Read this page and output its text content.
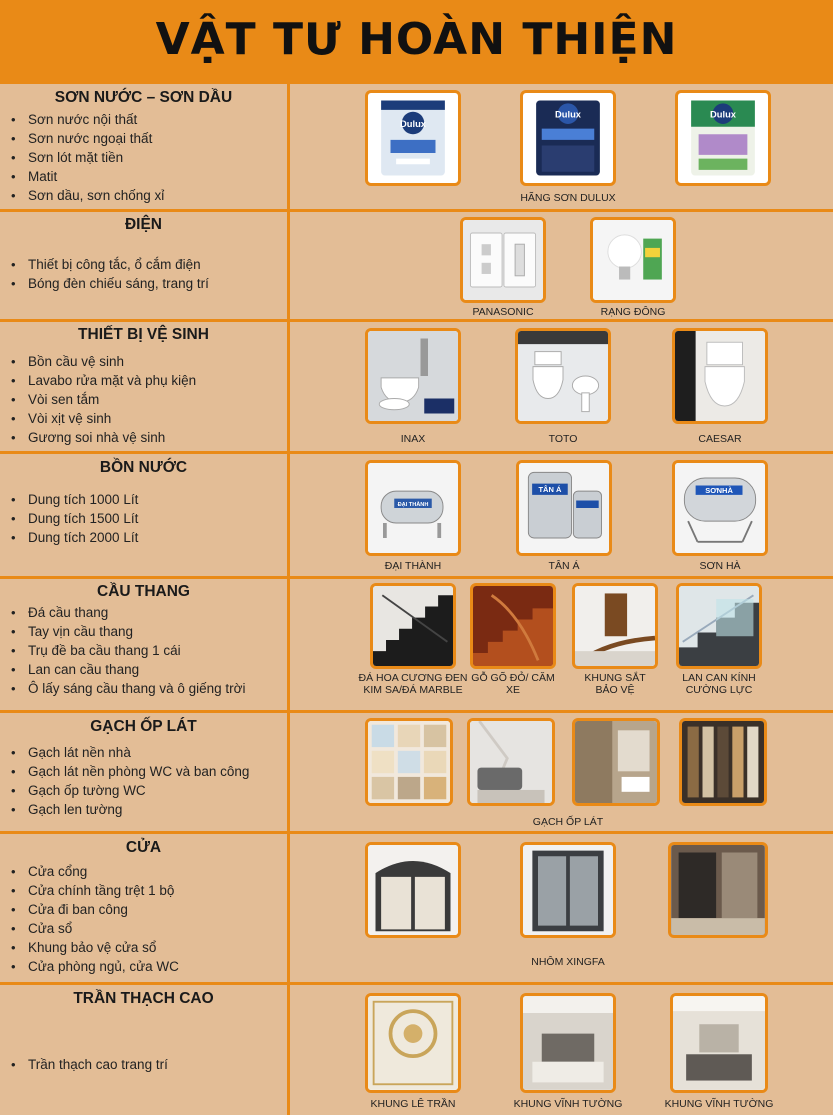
VẬT TƯ HOÀN THIỆN
SƠN NƯỚC – SƠN DẦU
• Sơn nước nội thất
• Sơn nước ngoại thất
• Sơn lót mặt tiền
• Matit
• Sơn dầu, sơn chống xỉ
Dulux
Dulux	Dulux
HÃNG SƠN DULUX
ĐIỆN
• Thiết bị công tắc, ổ cắm điện
• Bóng đèn chiếu sáng, trang trí
PANASONIC	RẠNG ĐÔNG
THIẾT BỊ VỆ SINH
• Bồn cầu vệ sinh
• Lavabo rửa mặt và phụ kiện
• Vòi sen tắm
• Vòi xịt vệ sinh
• Gương soi nhà vệ sinh	INAX	TOTO	CAESAR
BỒN NƯỚC
• Dung tích 1000 Lít
• Dung tích 1500 Lít
• Dung tích 2000 Lít
ĐẠI THÀNH
TÂN Á	SƠNHÀ
ĐẠI THÀNH	TÂN Á	SƠN HÀ
CẦU THANG
• Đá cầu thang
• Tay vịn cầu thang
• Trụ đề ba cầu thang 1 cái
• Lan can cầu thang
• Ô lấy sáng cầu thang và ô giếng trời
ĐÁ HOA CƯƠNG ĐEN KIM SA/ĐÁ MARBLE
GỖ GÕ ĐỎ/ CĂM XE
KHUNG SẮT BẢO VỆ
LAN CAN KÍNH CƯỜNG LỰC
GẠCH ỐP LÁT
• Gạch lát nền nhà
• Gạch lát nền phòng WC và ban công
• Gạch ốp tường WC
• Gạch len tường
GẠCH ỐP LÁT
CỬA
• Cửa cổng
• Cửa chính tầng trệt 1 bộ
• Cửa đi ban công
• Cửa sổ
• Khung bảo vệ cửa sổ
• Cửa phòng ngủ, cửa WC	NHÔM XINGFA
TRẦN THẠCH CAO
• Trần thạch cao trang trí
KHUNG LÊ TRẦN	KHUNG VĨNH TƯỜNG	KHUNG VĨNH TƯỜNG
